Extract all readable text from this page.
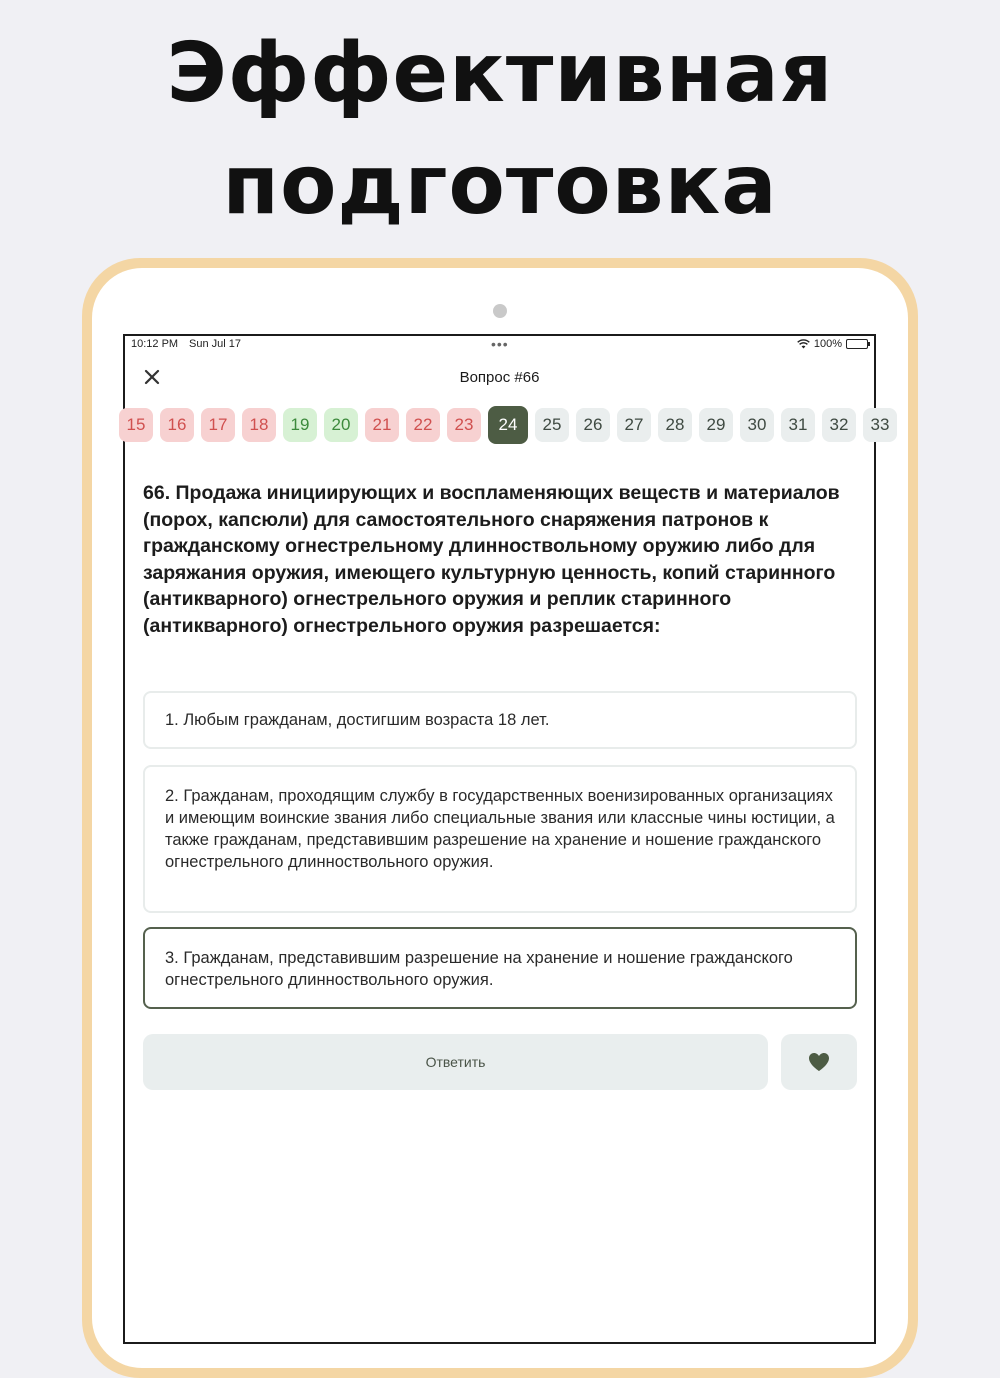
Эффективная
подготовка
10:12 PM Sun Jul 17	•••	100%
Вопрос #66
15	16	17	18	19	20	21	22	23	24	25	26	27	28	29	30	31	32	33
66. Продажа инициирующих и воспламеняющих веществ и материалов (порох, капсюли) для самостоятельного снаряжения патронов к гражданскому огнестрельному длинноствольному оружию либо для заряжания оружия, имеющего культурную ценность, копий старинного (антикварного) огнестрельного оружия и реплик старинного (антикварного) огнестрельного оружия разрешается:
1. Любым гражданам, достигшим возраста 18 лет.
2. Гражданам, проходящим службу в государственных военизированных организациях и имеющим воинские звания либо специальные звания или классные чины юстиции, а также гражданам, представившим разрешение на хранение и ношение гражданского огнестрельного длинноствольного оружия.
3. Гражданам, представившим разрешение на хранение и ношение гражданского огнестрельного длинноствольного оружия.
Ответить
